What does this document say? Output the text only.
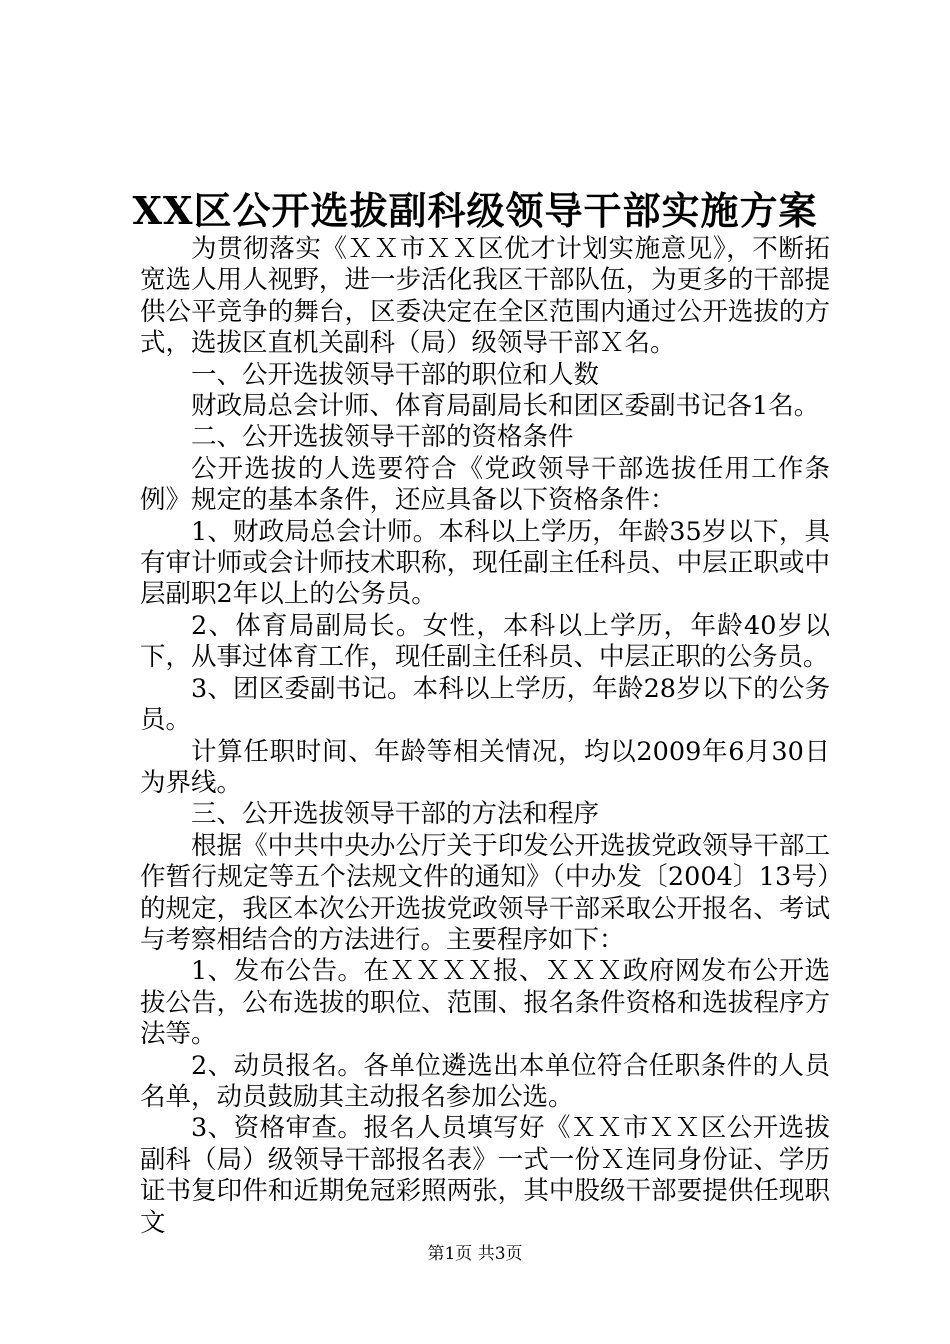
XX区公开选拔副科级领导干部实施方案

为贯彻落实《ＸＸ市ＸＸ区优才计划实施意见》，不断拓宽选人用人视野，进一步活化我区干部队伍，为更多的干部提供公平竞争的舞台，区委决定在全区范围内通过公开选拔的方式，选拔区直机关副科（局）级领导干部Ｘ名。

一、公开选拔领导干部的职位和人数

财政局总会计师、体育局副局长和团区委副书记各1名。

二、公开选拔领导干部的资格条件

公开选拔的人选要符合《党政领导干部选拔任用工作条例》规定的基本条件，还应具备以下资格条件：

1、财政局总会计师。本科以上学历，年龄35岁以下，具有审计师或会计师技术职称，现任副主任科员、中层正职或中层副职2年以上的公务员。

2、体育局副局长。女性，本科以上学历，年龄40岁以下，从事过体育工作，现任副主任科员、中层正职的公务员。

3、团区委副书记。本科以上学历，年龄28岁以下的公务员。

计算任职时间、年龄等相关情况，均以2009年6月30日为界线。

三、公开选拔领导干部的方法和程序

根据《中共中央办公厅关于印发公开选拔党政领导干部工作暂行规定等五个法规文件的通知》（中办发〔2004〕13号）的规定，我区本次公开选拔党政领导干部采取公开报名、考试与考察相结合的方法进行。主要程序如下：

1、发布公告。在ＸＸＸＸ报、ＸＸＸ政府网发布公开选拔公告，公布选拔的职位、范围、报名条件资格和选拔程序方法等。

2、动员报名。各单位遴选出本单位符合任职条件的人员名单，动员鼓励其主动报名参加公选。

3、资格审查。报名人员填写好《ＸＸ市ＸＸ区公开选拔副科（局）级领导干部报名表》一式一份Ｘ连同身份证、学历证书复印件和近期免冠彩照两张，其中股级干部要提供任现职文

第1页 共3页
